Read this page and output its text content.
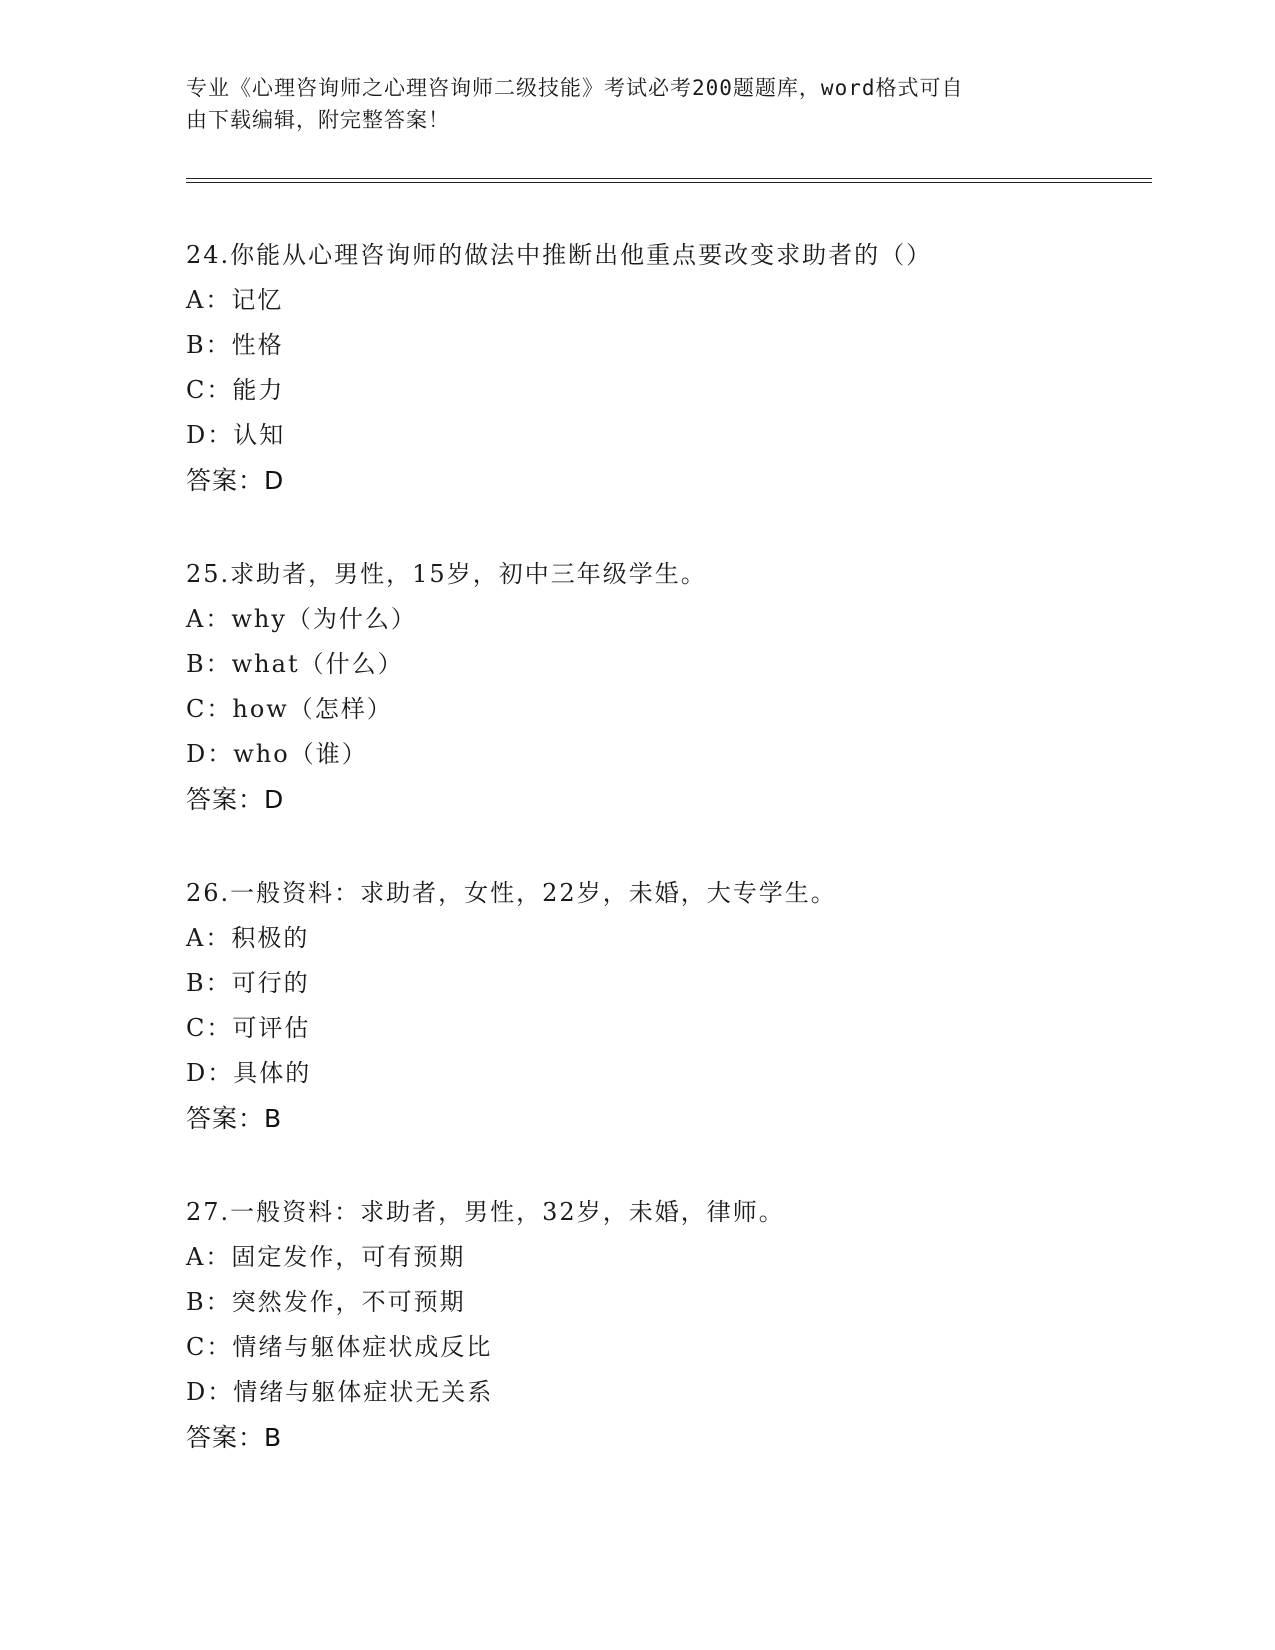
专业《心理咨询师之心理咨询师二级技能》考试必考200题题库，word格式可自
由下载编辑，附完整答案！
24.你能从心理咨询师的做法中推断出他重点要改变求助者的（）
A：记忆
B：性格
C：能力
D：认知
答案：D
25.求助者，男性，15岁，初中三年级学生。
A：why（为什么）
B：what（什么）
C：how（怎样）
D：who（谁）
答案：D
26.一般资料：求助者，女性，22岁，未婚，大专学生。
A：积极的
B：可行的
C：可评估
D：具体的
答案：B
27.一般资料：求助者，男性，32岁，未婚，律师。
A：固定发作，可有预期
B：突然发作，不可预期
C：情绪与躯体症状成反比
D：情绪与躯体症状无关系
答案：B
